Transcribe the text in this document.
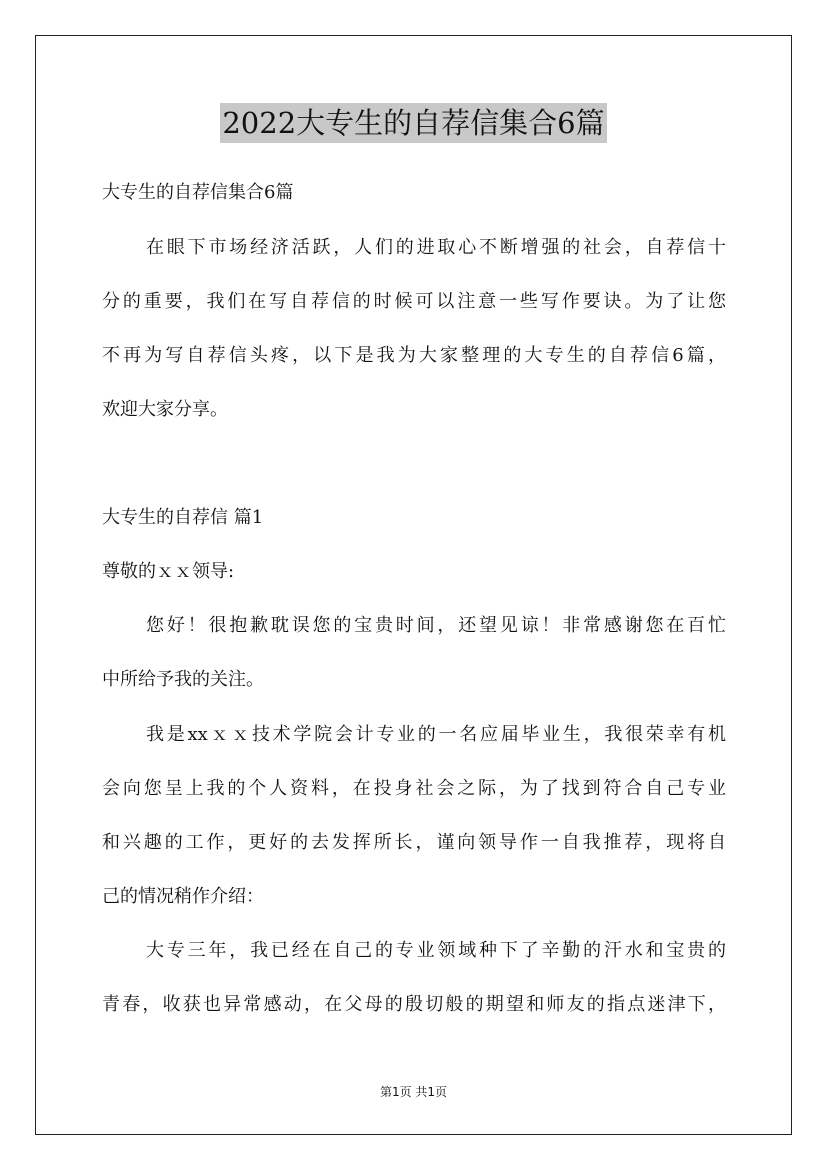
2022大专生的自荐信集合6篇
大专生的自荐信集合6篇
在眼下市场经济活跃，人们的进取心不断增强的社会，自荐信十
分的重要，我们在写自荐信的时候可以注意一些写作要诀。为了让您
不再为写自荐信头疼，以下是我为大家整理的大专生的自荐信6篇，
欢迎大家分享。
大专生的自荐信 篇1
尊敬的ｘｘ领导:
您好！很抱歉耽误您的宝贵时间，还望见谅！非常感谢您在百忙
中所给予我的关注。
我是xxｘｘ技术学院会计专业的一名应届毕业生，我很荣幸有机
会向您呈上我的个人资料，在投身社会之际，为了找到符合自己专业
和兴趣的工作，更好的去发挥所长，谨向领导作一自我推荐，现将自
己的情况稍作介绍：
大专三年，我已经在自己的专业领域种下了辛勤的汗水和宝贵的
青春，收获也异常感动，在父母的殷切般的期望和师友的指点迷津下，
第1页 共1页
